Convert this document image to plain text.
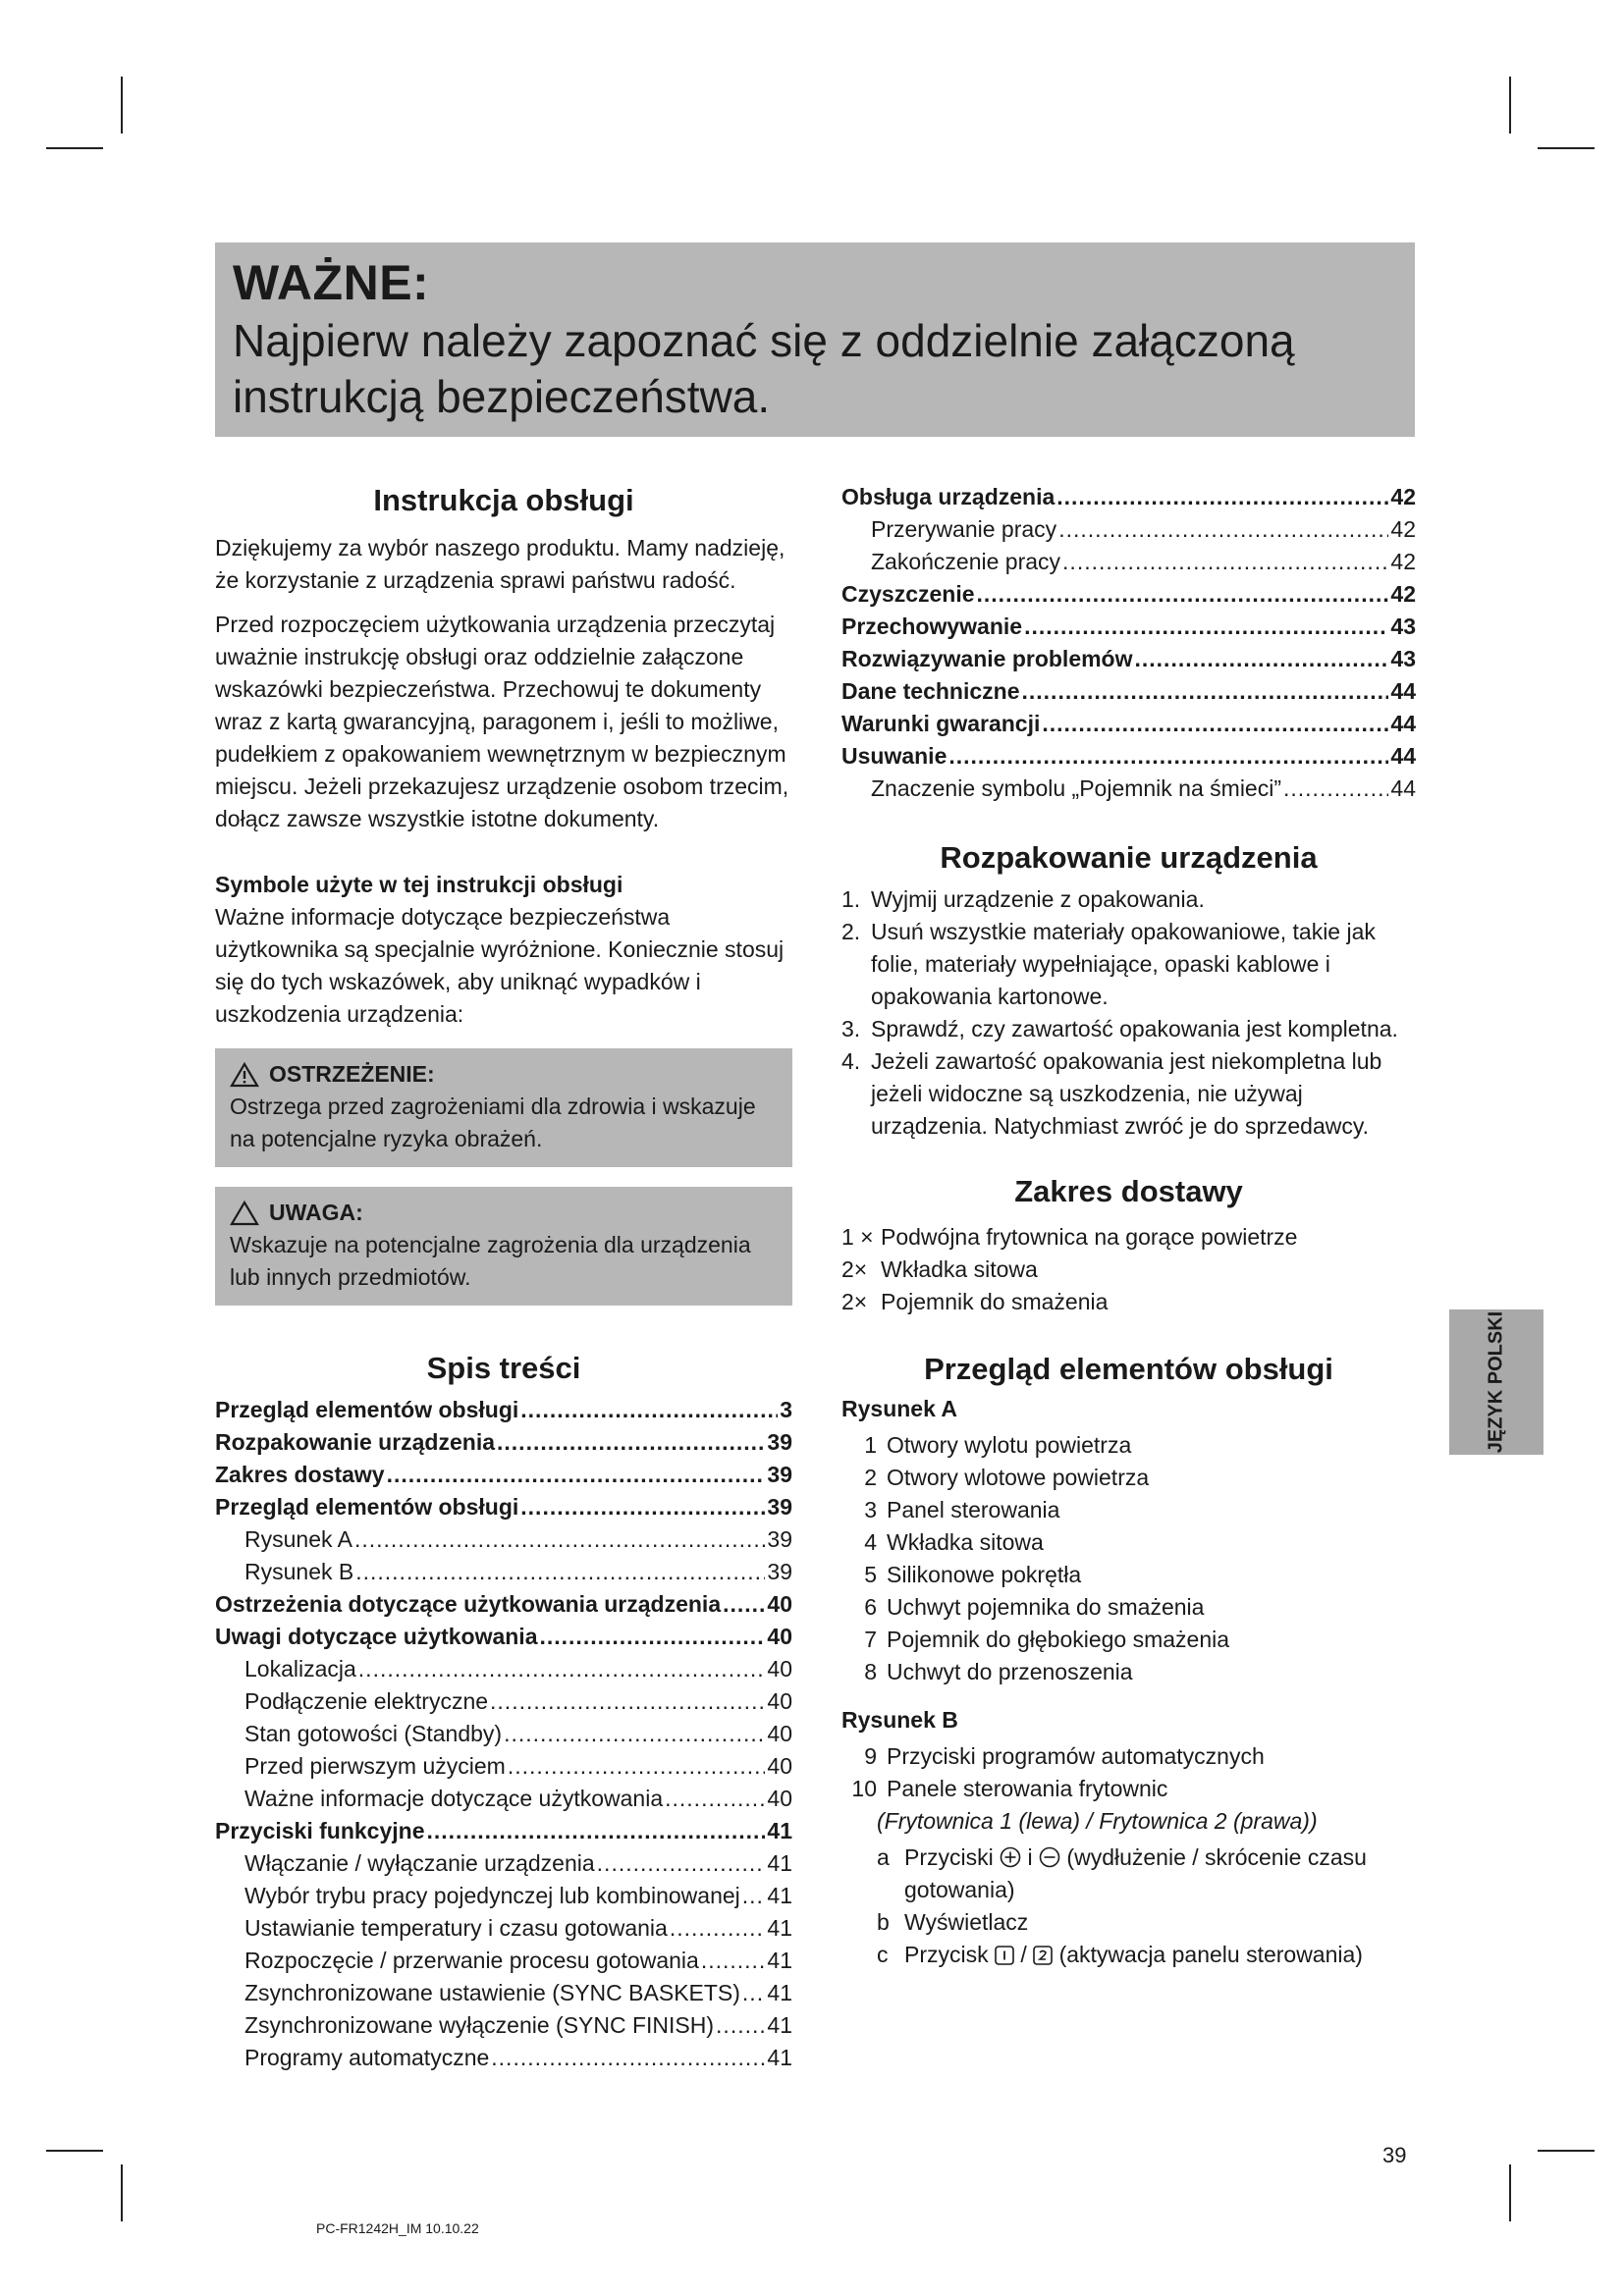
WAŻNE:
Najpierw należy zapoznać się z oddzielnie załączoną instrukcją bezpieczeństwa.
Instrukcja obsługi

Dziękujemy za wybór naszego produktu. Mamy nadzieję, że korzystanie z urządzenia sprawi państwu radość.

Przed rozpoczęciem użytkowania urządzenia przeczytaj uważnie instrukcję obsługi oraz oddzielnie załączone wskazówki bezpieczeństwa. Przechowuj te dokumenty wraz z kartą gwarancyjną, paragonem i, jeśli to możliwe, pudełkiem z opakowaniem wewnętrznym w bezpiecznym miejscu. Jeżeli przekazujesz urządzenie osobom trzecim, dołącz zawsze wszystkie istotne dokumenty.

Symbole użyte w tej instrukcji obsługi

Ważne informacje dotyczące bezpieczeństwa użytkownika są specjalnie wyróżnione. Koniecznie stosuj się do tych wskazówek, aby uniknąć wypadków i uszkodzenia urządzenia:

OSTRZEŻENIE:

Ostrzega przed zagrożeniami dla zdrowia i wskazuje na potencjalne ryzyka obrażeń.

UWAGA:

Wskazuje na potencjalne zagrożenia dla urządzenia lub innych przedmiotów.

Spis treści
Przegląd elementów obsługi .....	3
Rozpakowanie urządzenia .....	39
Zakres dostawy .....	39
Przegląd elementów obsługi .....	39
Rysunek A .....	39
Rysunek B .....	39
Ostrzeżenia dotyczące użytkowania urządzenia ..... 40
Uwagi dotyczące użytkowania .....	40
Lokalizacja .....	40
Podłączenie elektryczne .....	40
Stan gotowości (Standby) .....	40
Przed pierwszym użyciem .....	40
Ważne informacje dotyczące użytkowania .....	40
Przyciski funkcyjne .....	41
Włączanie / wyłączanie urządzenia .....	41
Wybór trybu pracy pojedynczej lub kombinowanej ..... 41
Ustawianie temperatury i czasu gotowania .....	41
Rozpoczęcie / przerwanie procesu gotowania .....	41
Zsynchronizowane ustawienie (SYNC BASKETS) ..... 41
Zsynchronizowane wyłączenie (SYNC FINISH) ..... 41
Programy automatyczne .....	41
Obsługa urządzenia .....	42
Przerywanie pracy .....	42
Zakończenie pracy .....	42
Czyszczenie .....	42
Przechowywanie .....	43
Rozwiązywanie problemów .....	43
Dane techniczne .....	44
Warunki gwarancji .....	44
Usuwanie .....	44
Znaczenie symbolu „Pojemnik na śmieci” .....	44
Rozpakowanie urządzenia
1. Wyjmij urządzenie z opakowania.
2. Usuń wszystkie materiały opakowaniowe, takie jak folie, materiały wypełniające, opaski kablowe i opakowania kartonowe.
3. Sprawdź, czy zawartość opakowania jest kompletna.
4. Jeżeli zawartość opakowania jest niekompletna lub jeżeli widoczne są uszkodzenia, nie używaj urządzenia. Natychmiast zwróć je do sprzedawcy.
Zakres dostawy
1 × Podwójna frytownica na gorące powietrze
2× Wkładka sitowa
2× Pojemnik do smażenia
Przegląd elementów obsługi
Rysunek A
1 Otwory wylotu powietrza
2 Otwory wlotowe powietrza
3 Panel sterowania
4 Wkładka sitowa
5 Silikonowe pokrętła
6 Uchwyt pojemnika do smażenia
7 Pojemnik do głębokiego smażenia
8 Uchwyt do przenoszenia
Rysunek B
9 Przyciski programów automatycznych
10 Panele sterowania frytownic
(Frytownica 1 (lewa) / Frytownica 2 (prawa))
a Przyciski i (wydłużenie / skrócenie czasu gotowania)
b Wyświetlacz
c Przycisk / (aktywacja panelu sterowania)
JĘZYK POLSKI
39
PC-FR1242H_IM 10.10.22
